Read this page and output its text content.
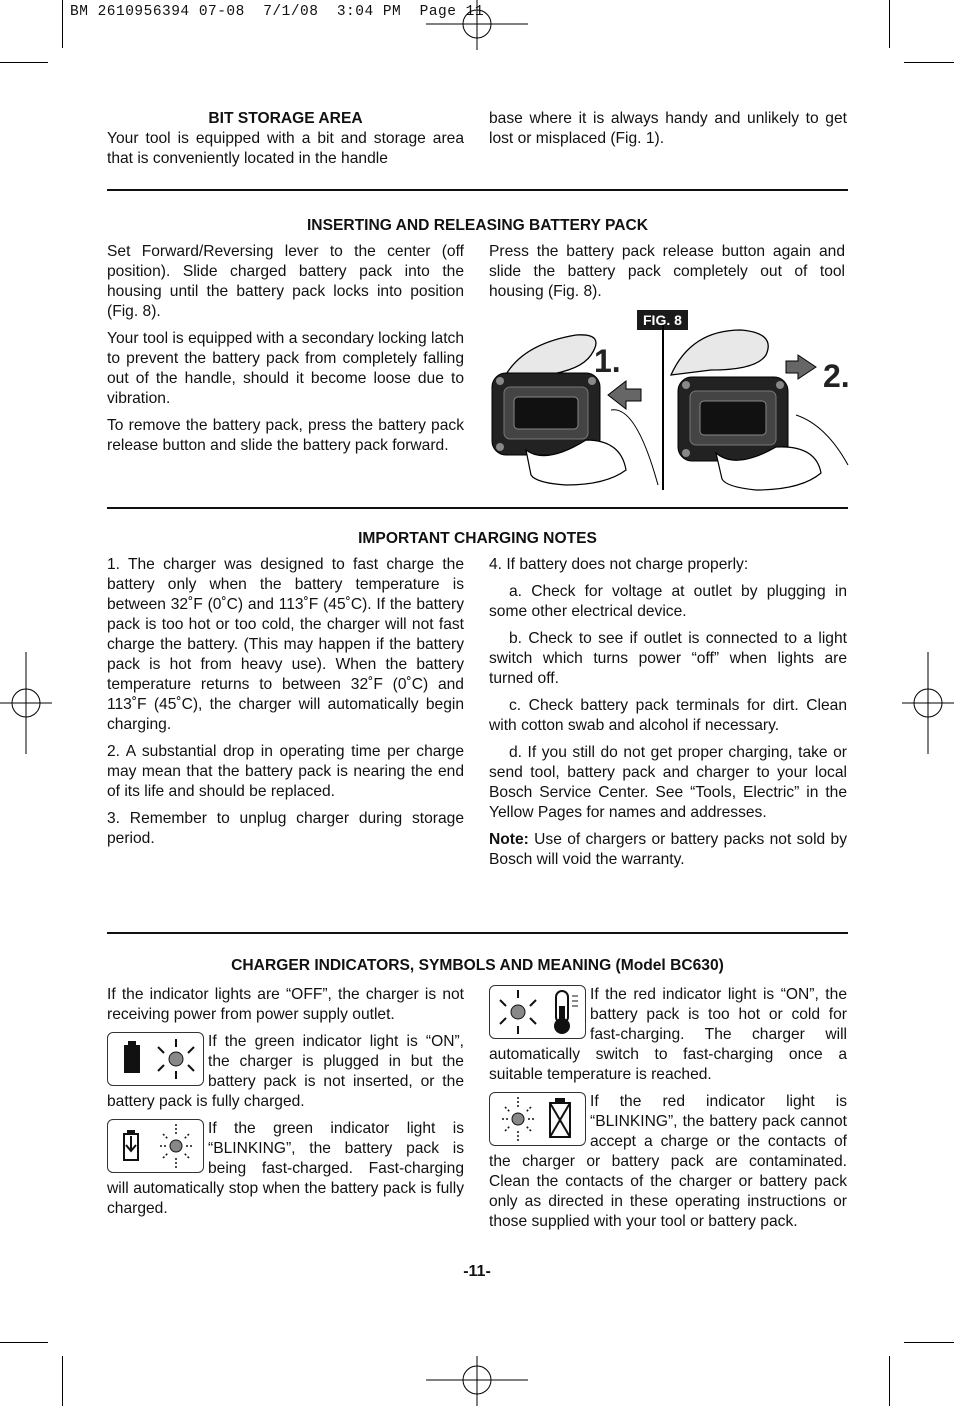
BM 2610956394 07-08  7/1/08  3:04 PM  Page 11
BIT STORAGE AREA
Your tool is equipped with a bit and storage area that is conveniently located in the handle
base where it is always handy and unlikely to get lost or misplaced (Fig. 1).
INSERTING AND RELEASING BATTERY PACK

Set Forward/Reversing lever to the center (off position). Slide charged battery pack into the housing until the battery pack locks into position (Fig. 8).

Your tool is equipped with a secondary locking latch to prevent the battery pack from completely falling out of the handle, should it become loose due to vibration.

To remove the battery pack, press the battery pack release button and slide the battery pack forward.

Press the battery pack release button again and slide the battery pack completely out of tool housing (Fig. 8).

FIG. 8
1.	2.
IMPORTANT CHARGING NOTES

1. The charger was designed to fast charge the battery only when the battery temperature is between 32˚F (0˚C) and 113˚F (45˚C). If the battery pack is too hot or too cold, the charger will not fast charge the battery. (This may happen if the battery pack is hot from heavy use). When the battery temperature returns to between 32˚F (0˚C) and 113˚F (45˚C), the charger will automatically begin charging.

2. A substantial drop in operating time per charge may mean that the battery pack is nearing the end of its life and should be replaced.

3. Remember to unplug charger during storage period.

4. If battery does not charge properly:

a. Check for voltage at outlet by plugging in some other electrical device.

b. Check to see if outlet is connected to a light switch which turns power “off” when lights are turned off.

c. Check battery pack terminals for dirt. Clean with cotton swab and alcohol if necessary.

d. If you still do not get proper charging, take or send tool, battery pack and charger to your local Bosch Service Center. See “Tools, Electric” in the Yellow Pages for names and addresses.

Note: Use of chargers or battery packs not sold by Bosch will void the warranty.

CHARGER INDICATORS, SYMBOLS AND MEANING (Model BC630)

If the indicator lights are “OFF”, the charger is not receiving power from power supply outlet.

If the green indicator light is “ON”, the charger is plugged in but the battery pack is not inserted, or the battery pack is fully charged.
If the green indicator light is “BLINKING”, the battery pack is being fast-charged. Fast-charging will automatically stop when the battery pack is fully charged.
If the red indicator light is “ON”, the battery pack is too hot or cold for fast-charging. The charger will automatically switch to fast-charging once a suitable temperature is reached.
If the red indicator light is “BLINKING”, the battery pack cannot accept a charge or the contacts of the charger or battery pack are contaminated. Clean the contacts of the charger or battery pack only as directed in these operating instructions or those supplied with your tool or battery pack.
-11-
